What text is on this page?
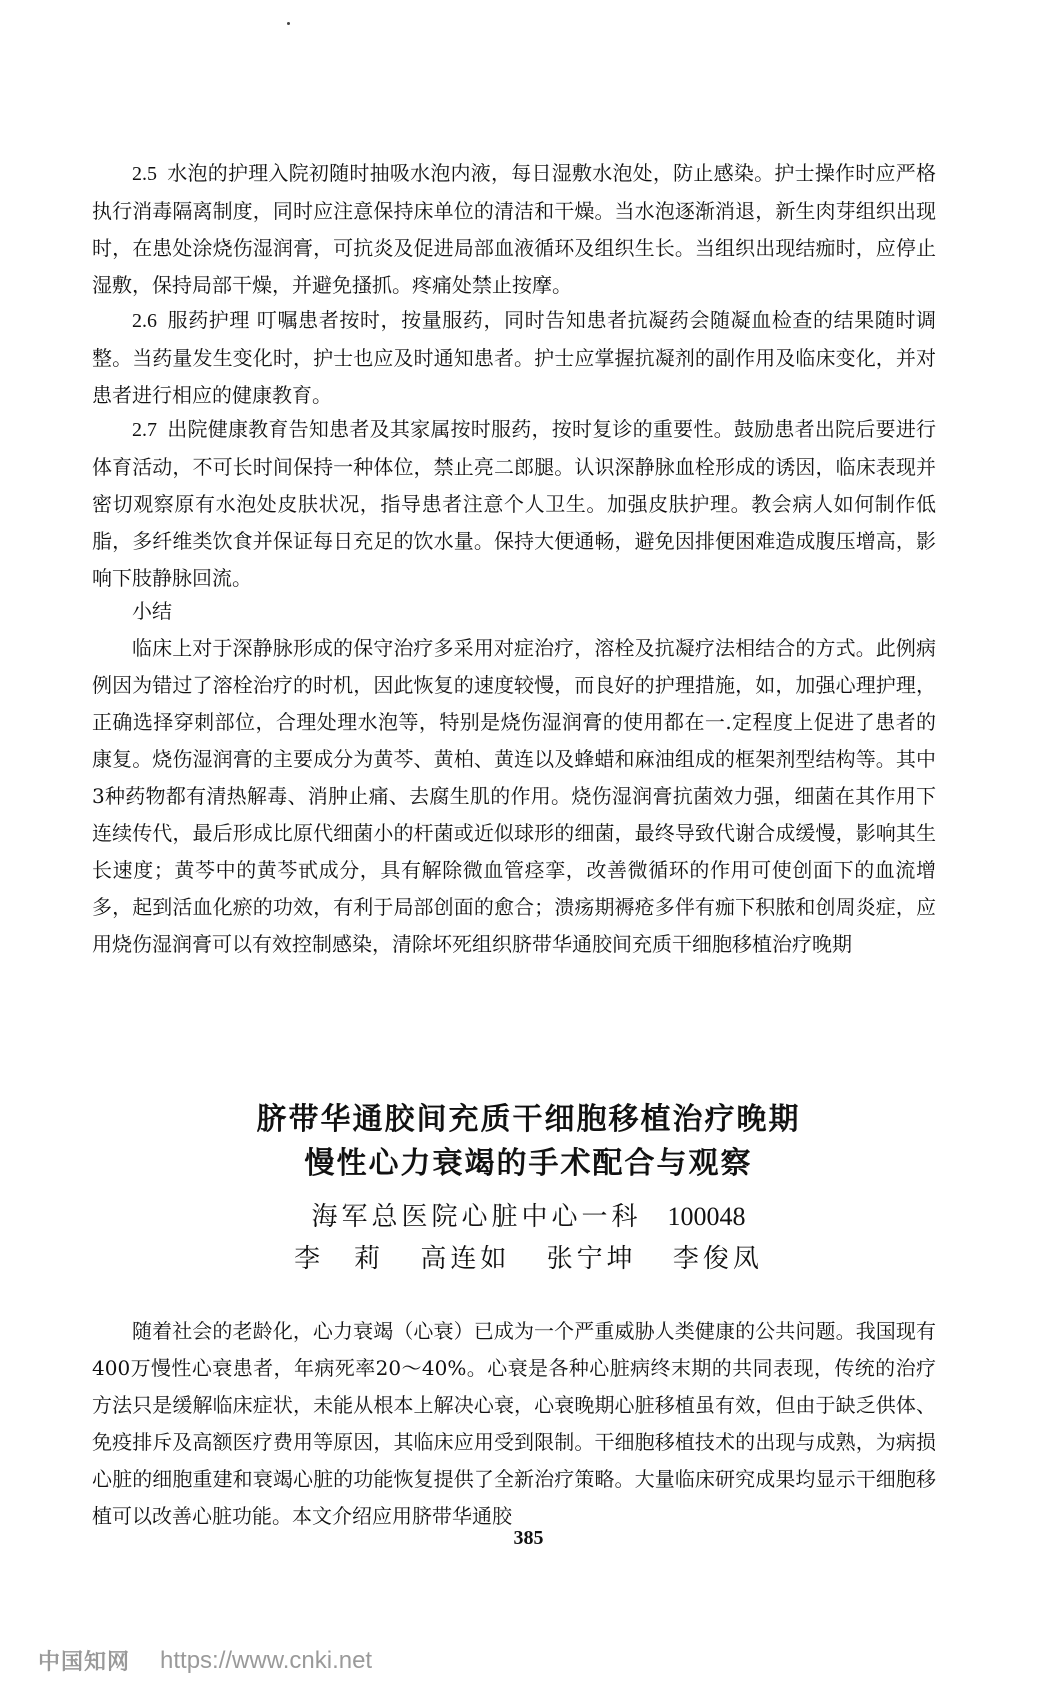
2.5 水泡的护理入院初随时抽吸水泡内液，每日湿敷水泡处，防止感染。护士操作时应严格执行消毒隔离制度，同时应注意保持床单位的清洁和干燥。当水泡逐渐消退，新生肉芽组织出现时，在患处涂烧伤湿润膏，可抗炎及促进局部血液循环及组织生长。当组织出现结痂时，应停止湿敷，保持局部干燥，并避免搔抓。疼痛处禁止按摩。

2.6 服药护理 叮嘱患者按时，按量服药，同时告知患者抗凝药会随凝血检查的结果随时调整。当药量发生变化时，护士也应及时通知患者。护士应掌握抗凝剂的副作用及临床变化，并对患者进行相应的健康教育。

2.7 出院健康教育告知患者及其家属按时服药，按时复诊的重要性。鼓励患者出院后要进行体育活动，不可长时间保持一种体位，禁止亮二郎腿。认识深静脉血栓形成的诱因，临床表现并密切观察原有水泡处皮肤状况，指导患者注意个人卫生。加强皮肤护理。教会病人如何制作低脂，多纤维类饮食并保证每日充足的饮水量。保持大便通畅，避免因排便困难造成腹压增高，影响下肢静脉回流。

小结

临床上对于深静脉形成的保守治疗多采用对症治疗，溶栓及抗凝疗法相结合的方式。此例病例因为错过了溶栓治疗的时机，因此恢复的速度较慢，而良好的护理措施，如，加强心理护理，正确选择穿刺部位，合理处理水泡等，特别是烧伤湿润膏的使用都在一.定程度上促进了患者的康复。烧伤湿润膏的主要成分为黄芩、黄柏、黄连以及蜂蜡和麻油组成的框架剂型结构等。其中3种药物都有清热解毒、消肿止痛、去腐生肌的作用。烧伤湿润膏抗菌效力强，细菌在其作用下连续传代，最后形成比原代细菌小的杆菌或近似球形的细菌，最终导致代谢合成缓慢，影响其生长速度；黄芩中的黄芩甙成分，具有解除微血管痉挛，改善微循环的作用可使创面下的血流增多，起到活血化瘀的功效，有利于局部创面的愈合；溃疡期褥疮多伴有痂下积脓和创周炎症，应用烧伤湿润膏可以有效控制感染，清除坏死组织脐带华通胶间充质干细胞移植治疗晚期

脐带华通胶间充质干细胞移植治疗晚期
慢性心力衰竭的手术配合与观察
海军总医院心脏中心一科 100048
李　莉 高连如 张宁坤 李俊凤

随着社会的老龄化，心力衰竭（心衰）已成为一个严重威胁人类健康的公共问题。我国现有400万慢性心衰患者，年病死率20～40%。心衰是各种心脏病终末期的共同表现，传统的治疗方法只是缓解临床症状，未能从根本上解决心衰，心衰晚期心脏移植虽有效，但由于缺乏供体、免疫排斥及高额医疗费用等原因，其临床应用受到限制。干细胞移植技术的出现与成熟，为病损心脏的细胞重建和衰竭心脏的功能恢复提供了全新治疗策略。大量临床研究成果均显示干细胞移植可以改善心脏功能。本文介绍应用脐带华通胶

385
中国知网 https://www.cnki.net
